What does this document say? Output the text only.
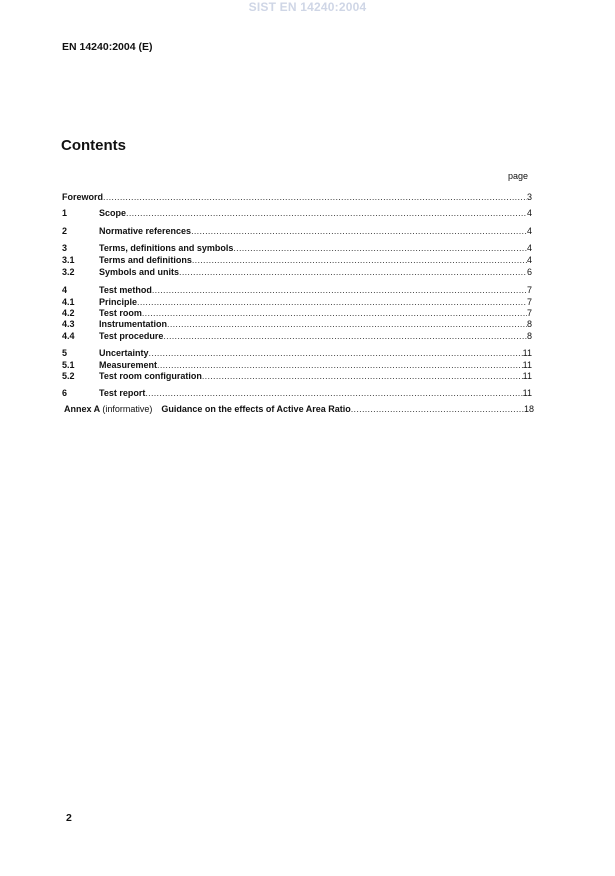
SIST EN 14240:2004
EN 14240:2004 (E)
Contents
page
Foreword .....	3
1	Scope .....	4
2	Normative references .....	4
3	Terms, definitions and symbols .....	4
3.1	Terms and definitions .....	4
3.2	Symbols and units .....	6
4	Test method .....	7
4.1	Principle .....	7
4.2	Test room .....	7
4.3	Instrumentation .....	8
4.4	Test procedure .....	8
5	Uncertainty .....	11
5.1	Measurement .....	11
5.2	Test room configuration .....	11
6	Test report .....	11
Annex A (informative) Guidance on the effects of Active Area Ratio .....	18
2
